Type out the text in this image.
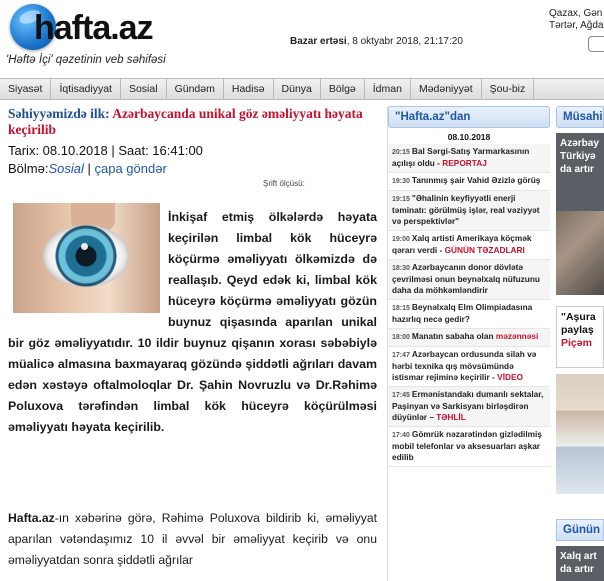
hafta.az
'Həftə İçi' qəzetinin veb səhifəsi
Bazar ertəsi, 8 oktyabr 2018, 21:17:20
Qazax, Gən
Tərtər, Ağda
Siyasət	İqtisadiyyat	Sosial	Gündəm	Hadisə	Dünya	Bölgə	İdman	Mədəniyyət	Şou-biz
Səhiyyəmizdə ilk: Azərbaycanda unikal göz əməliyyatı həyata keçirilib
Tarix: 08.10.2018 | Saat: 16:41:00
Bölmə:Sosial | çapa göndər
Şrift ölçüsü:
İnkişaf etmiş ölkələrdə həyata keçirilən limbal kök hüceyrə köçürmə əməliyyatı ölkəmizdə də reallaşıb. Qeyd edək ki, limbal kök hüceyrə köçürmə əməliyyatı gözün buynuz qişasında aparılan unikal bir göz əməliyyatıdır. 10 ildir buynuz qişanın xorası səbəbiylə müalicə almasına baxmayaraq gözündə şiddətli ağrıları davam edən xəstəyə oftalmoloqlar Dr. Şahin Novruzlu və Dr.Rəhimə Poluxova tərəfindən limbal kök hüceyrə köçürülməsi əməliyyatı həyata keçirilib.
Hafta.az-ın xəbərinə görə, Rəhimə Poluxova bildirib ki, əməliyyat aparılan vətəndaşımız 10 il əvvəl bir əməliyyat keçirib və onu əməliyyatdan sonra şiddətli ağrılar
"Hafta.az"dan
08.10.2018
20:15 Bal Sərgi-Satış Yarmarkasının açılışı oldu - REPORTAJ
19:30 Tanınmış şair Vahid Əzizlə görüş
19:15 "Əhalinin keyfiyyətli enerji təminatı: görülmüş işlər, real vəziyyət və perspektivlər"
19:00 Xalq artisti Amerikaya köçmək qərarı verdi - GÜNÜN TƏZADLARI
18:30 Azərbaycanın donor dövlətə çevrilməsi onun beynəlxalq nüfuzunu daha da möhkəmləndirir
18:15 Beynəlxalq Elm Olimpiadasına hazırlıq necə gedir?
18:00 Manatın sabaha olan məzənnəsi
17:47 Azərbaycan ordusunda silah və hərbi texnika qış mövsümündə istismar rejiminə keçirilir - VİDEO
17:45 Ermənistandakı dumanlı sektalar, Paşinyan və Sarkisyanı birləşdirən düyünlər – TƏHLİL
17:40 Gömrük nəzarətindən gizlədilmiş mobil telefonlar və aksesuarları aşkar edilib
Müsahi
Azərbay
Türkiyə
da artır
"Aşura
paylaş
Piçəm
Günün
Xalq art
da artır
